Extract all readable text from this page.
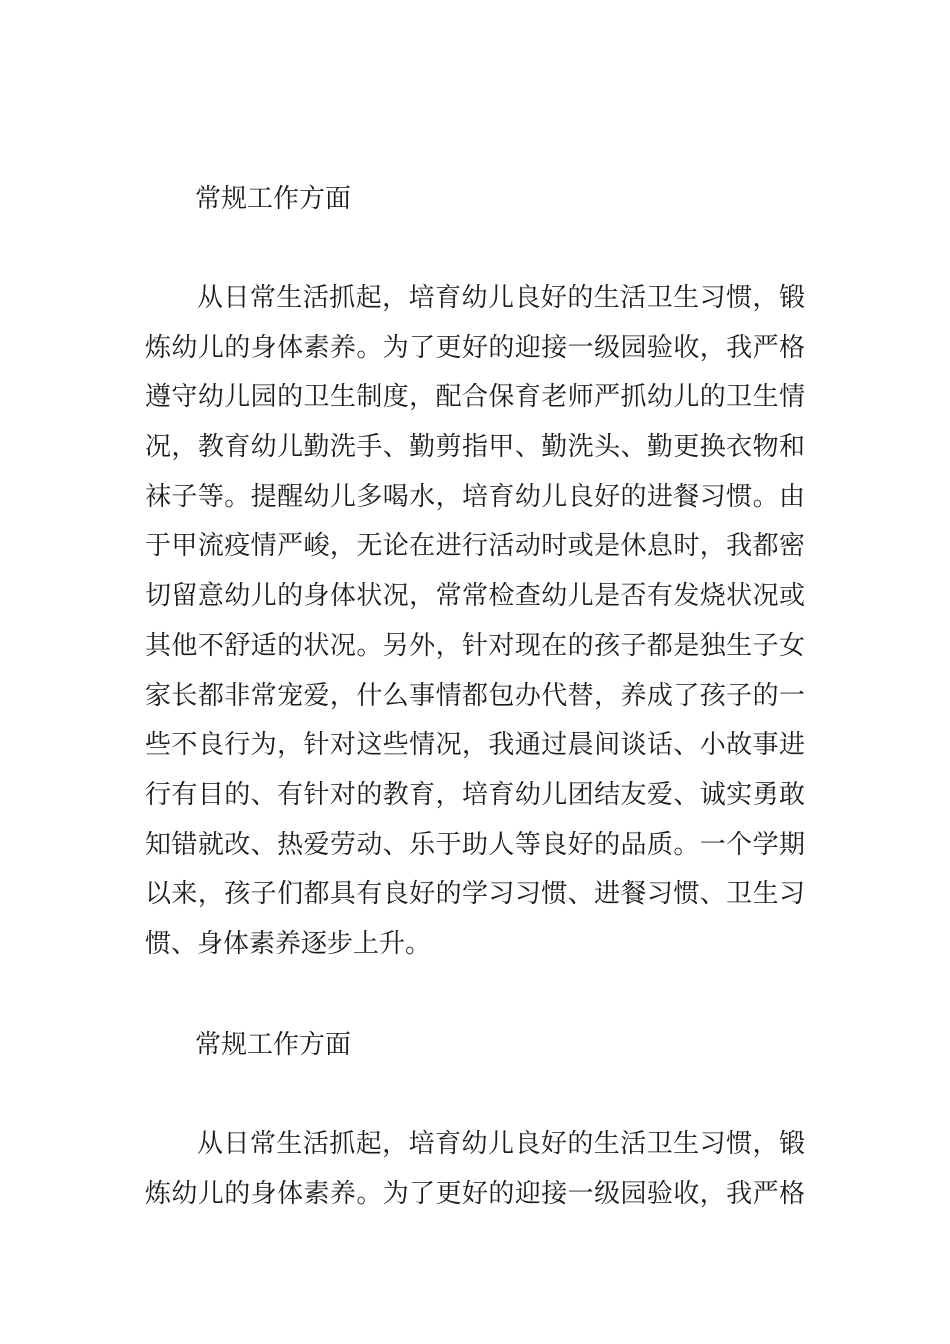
常规工作方面
从日常生活抓起，培育幼儿良好的生活卫生习惯，锻
炼幼儿的身体素养。为了更好的迎接一级园验收，我严格
遵守幼儿园的卫生制度，配合保育老师严抓幼儿的卫生情
况，教育幼儿勤洗手、勤剪指甲、勤洗头、勤更换衣物和
袜子等。提醒幼儿多喝水，培育幼儿良好的进餐习惯。由
于甲流疫情严峻，无论在进行活动时或是休息时，我都密
切留意幼儿的身体状况，常常检查幼儿是否有发烧状况或
其他不舒适的状况。另外，针对现在的孩子都是独生子女
家长都非常宠爱，什么事情都包办代替，养成了孩子的一
些不良行为，针对这些情况，我通过晨间谈话、小故事进
行有目的、有针对的教育，培育幼儿团结友爱、诚实勇敢
知错就改、热爱劳动、乐于助人等良好的品质。一个学期
以来，孩子们都具有良好的学习习惯、进餐习惯、卫生习
惯、身体素养逐步上升。
常规工作方面
从日常生活抓起，培育幼儿良好的生活卫生习惯，锻
炼幼儿的身体素养。为了更好的迎接一级园验收，我严格
